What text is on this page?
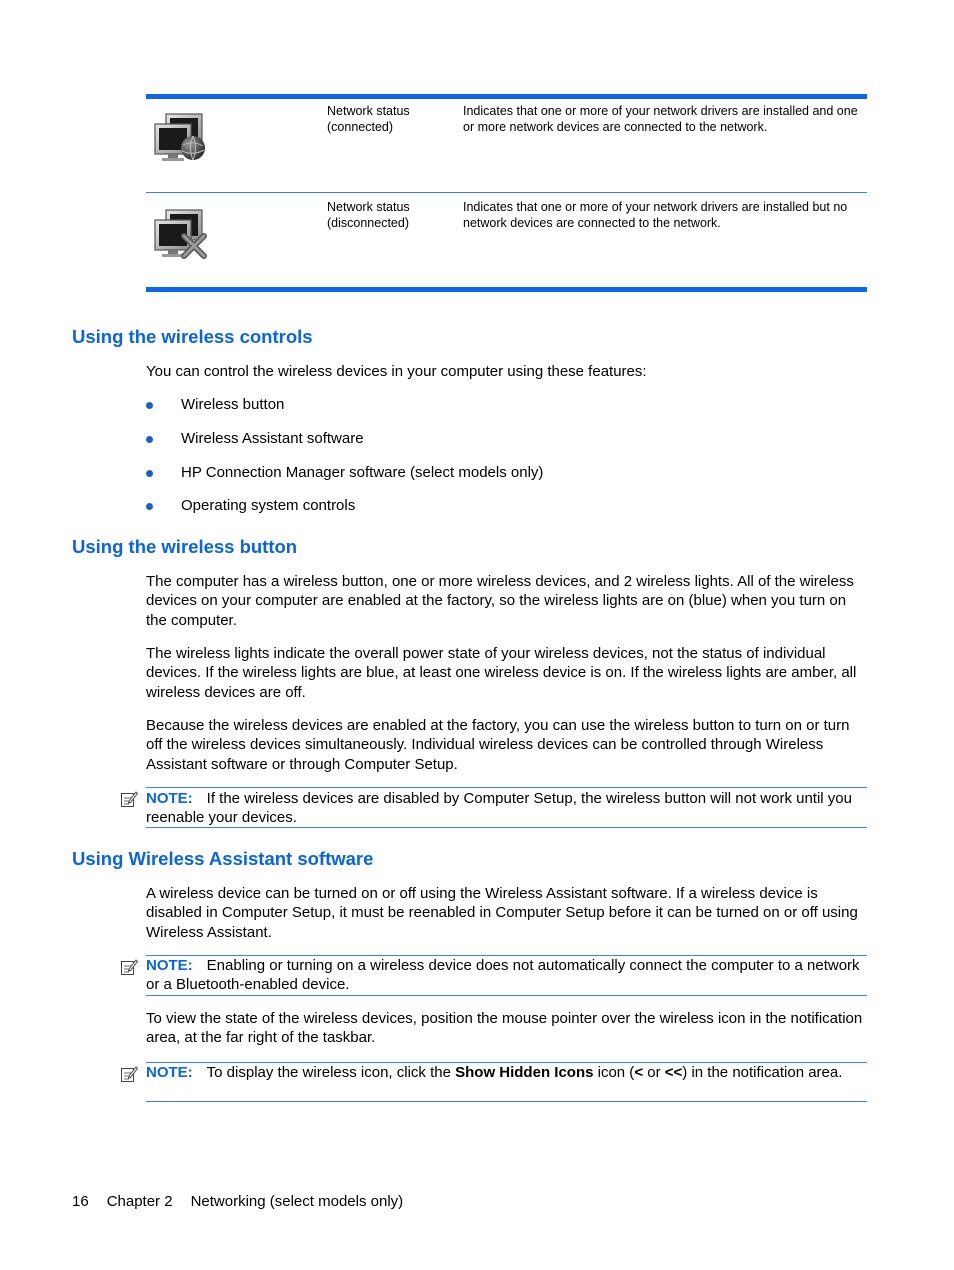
Network status
(connected)
Indicates that one or more of your network drivers are installed and one
or more network devices are connected to the network.
Network status
(disconnected)
Indicates that one or more of your network drivers are installed but no
network devices are connected to the network.
Using the wireless controls
You can control the wireless devices in your computer using these features:
Wireless button
Wireless Assistant software
HP Connection Manager software (select models only)
Operating system controls
Using the wireless button
The computer has a wireless button, one or more wireless devices, and 2 wireless lights. All of the wireless devices on your computer are enabled at the factory, so the wireless lights are on (blue) when you turn on the computer.
The wireless lights indicate the overall power state of your wireless devices, not the status of individual devices. If the wireless lights are blue, at least one wireless device is on. If the wireless lights are amber, all wireless devices are off.
Because the wireless devices are enabled at the factory, you can use the wireless button to turn on or turn off the wireless devices simultaneously. Individual wireless devices can be controlled through Wireless Assistant software or through Computer Setup.
NOTE: If the wireless devices are disabled by Computer Setup, the wireless button will not work until you reenable your devices.
Using Wireless Assistant software
A wireless device can be turned on or off using the Wireless Assistant software. If a wireless device is disabled in Computer Setup, it must be reenabled in Computer Setup before it can be turned on or off using Wireless Assistant.
NOTE: Enabling or turning on a wireless device does not automatically connect the computer to a network or a Bluetooth-enabled device.
To view the state of the wireless devices, position the mouse pointer over the wireless icon in the notification area, at the far right of the taskbar.
NOTE: To display the wireless icon, click the Show Hidden Icons icon (< or <<) in the notification area.
16 Chapter 2 Networking (select models only)
